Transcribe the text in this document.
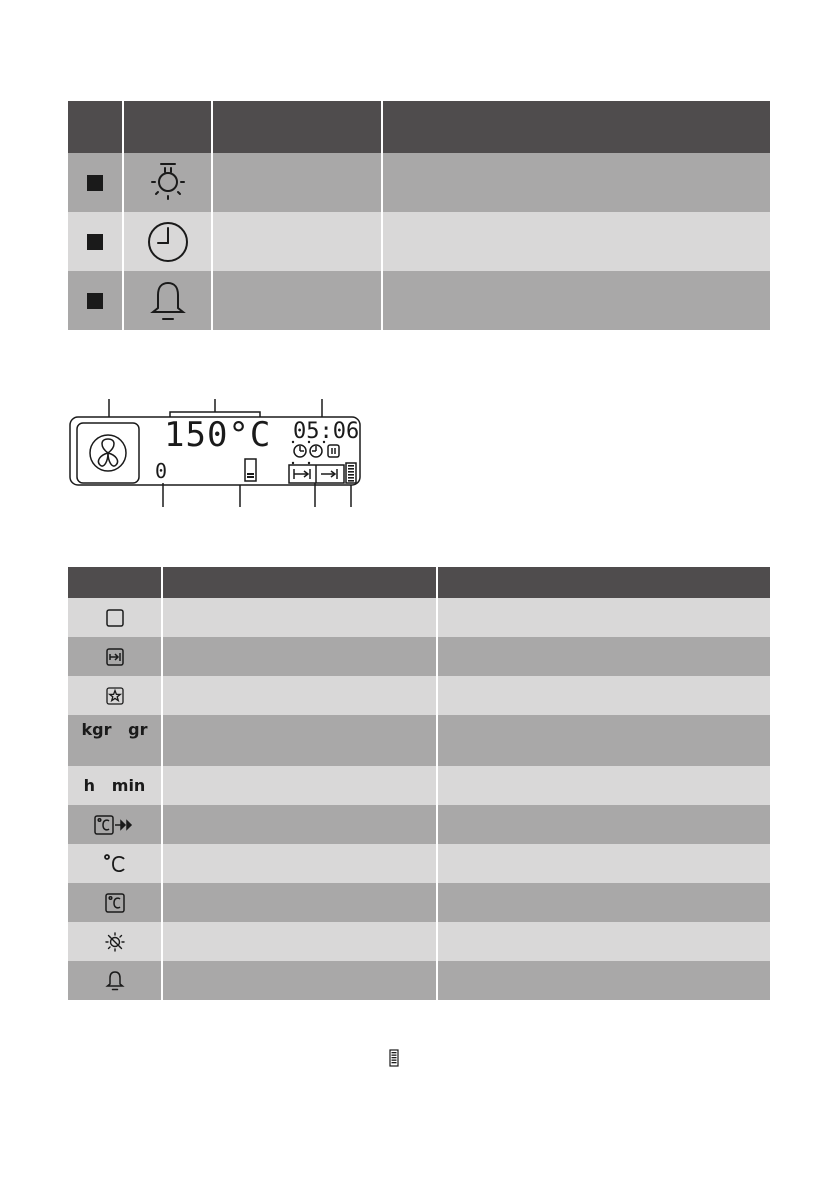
150°C 05:06
0
kgr   gr
h   min
